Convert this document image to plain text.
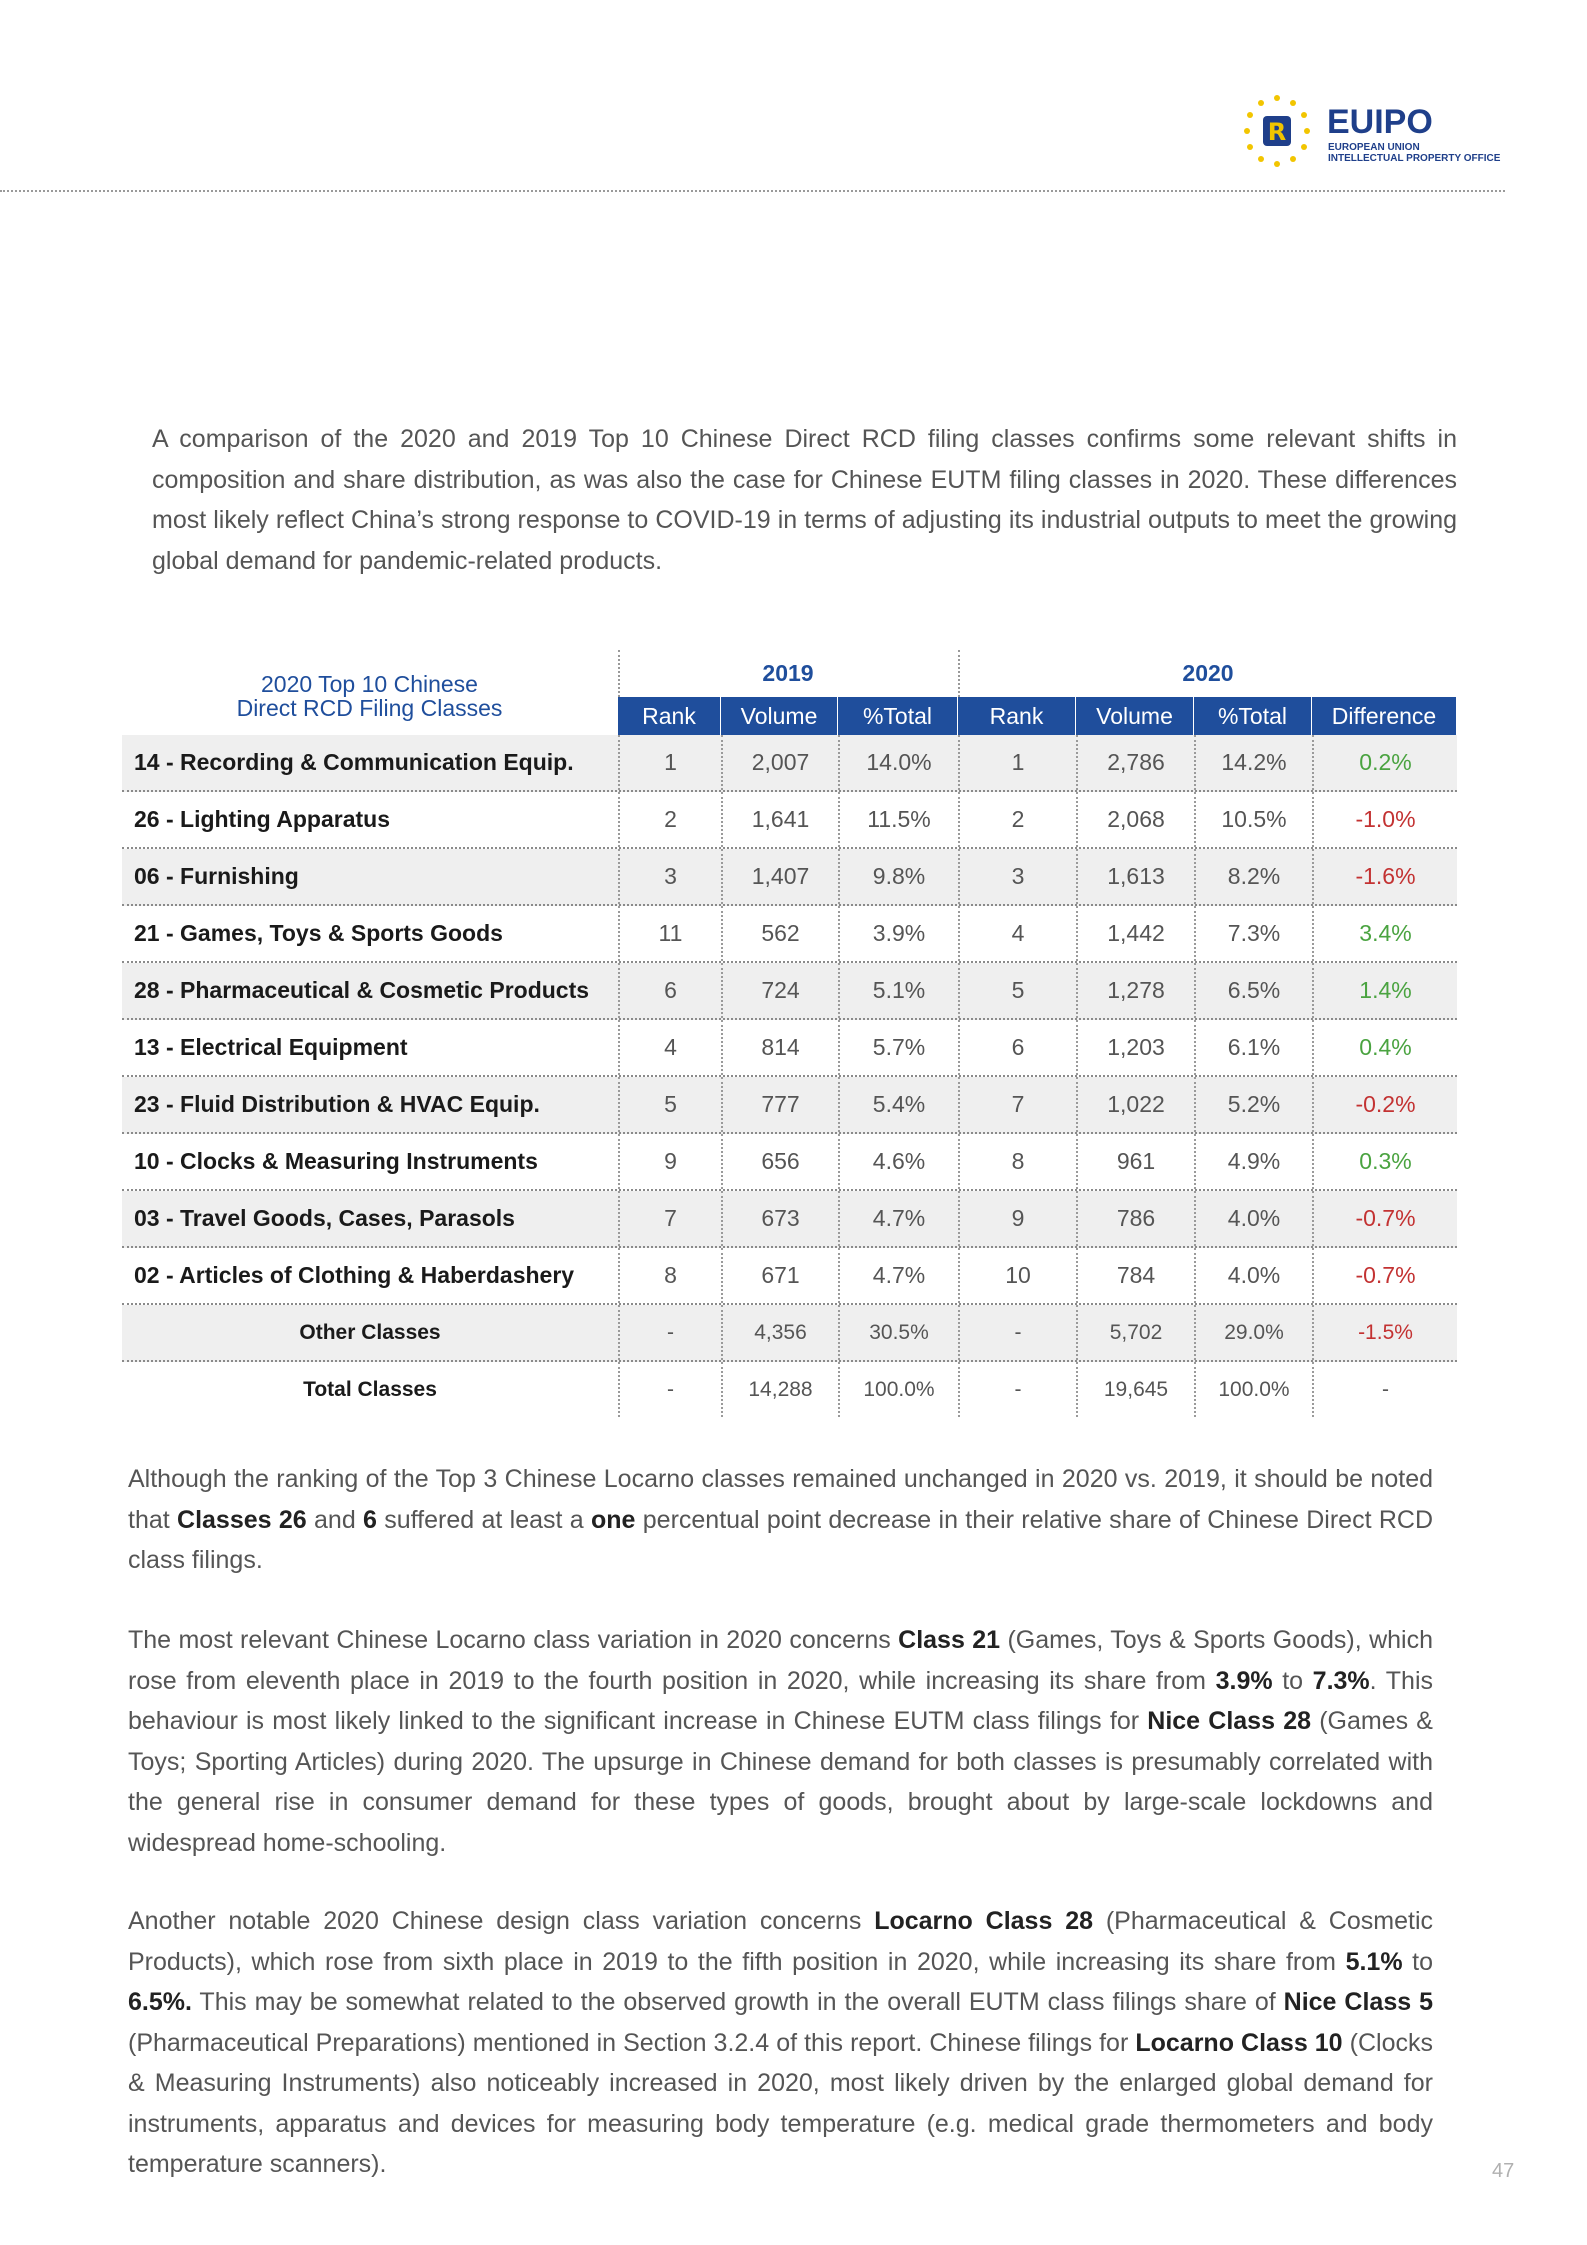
R EUIPO
EUROPEAN UNION
INTELLECTUAL PROPERTY OFFICE

A comparison of the 2020 and 2019 Top 10 Chinese Direct RCD filing classes confirms some relevant shifts in composition and share distribution, as was also the case for Chinese EUTM filing classes in 2020. These differences most likely reflect China’s strong response to COVID-19 in terms of adjusting its industrial outputs to meet the growing global demand for pandemic-related products.

2020 Top 10 Chinese
Direct RCD Filing Classes
2019	2020
Rank	Volume	%Total	Rank	Volume	%Total	Difference
14 - Recording & Communication Equip.	1	2,007	14.0%	1	2,786	14.2%	0.2%
26 - Lighting Apparatus	2	1,641	11.5%	2	2,068	10.5%	-1.0%
06 - Furnishing	3	1,407	9.8%	3	1,613	8.2%	-1.6%
21 - Games, Toys & Sports Goods	11	562	3.9%	4	1,442	7.3%	3.4%
28 - Pharmaceutical & Cosmetic Products	6	724	5.1%	5	1,278	6.5%	1.4%
13 - Electrical Equipment	4	814	5.7%	6	1,203	6.1%	0.4%
23 - Fluid Distribution & HVAC Equip.	5	777	5.4%	7	1,022	5.2%	-0.2%
10 - Clocks & Measuring Instruments	9	656	4.6%	8	961	4.9%	0.3%
03 - Travel Goods, Cases, Parasols	7	673	4.7%	9	786	4.0%	-0.7%
02 - Articles of Clothing & Haberdashery	8	671	4.7%	10	784	4.0%	-0.7%
Other Classes	-	4,356	30.5%	-	5,702	29.0%	-1.5%
Total Classes	-	14,288	100.0%	-	19,645	100.0%	-

Although the ranking of the Top 3 Chinese Locarno classes remained unchanged in 2020 vs. 2019, it should be noted that Classes 26 and 6 suffered at least a one percentual point decrease in their relative share of Chinese Direct RCD class filings.

The most relevant Chinese Locarno class variation in 2020 concerns Class 21 (Games, Toys & Sports Goods), which rose from eleventh place in 2019 to the fourth position in 2020, while increasing its share from 3.9% to 7.3%. This behaviour is most likely linked to the significant increase in Chinese EUTM class filings for Nice Class 28 (Games & Toys; Sporting Articles) during 2020. The upsurge in Chinese demand for both classes is presumably correlated with the general rise in consumer demand for these types of goods, brought about by large-scale lockdowns and widespread home-schooling.

Another notable 2020 Chinese design class variation concerns Locarno Class 28 (Pharmaceutical & Cosmetic Products), which rose from sixth place in 2019 to the fifth position in 2020, while increasing its share from 5.1% to 6.5%. This may be somewhat related to the observed growth in the overall EUTM class filings share of Nice Class 5 (Pharmaceutical Preparations) mentioned in Section 3.2.4 of this report. Chinese filings for Locarno Class 10 (Clocks & Measuring Instruments) also noticeably increased in 2020, most likely driven by the enlarged global demand for instruments, apparatus and devices for measuring body temperature (e.g. medical grade thermometers and body temperature scanners).	47
